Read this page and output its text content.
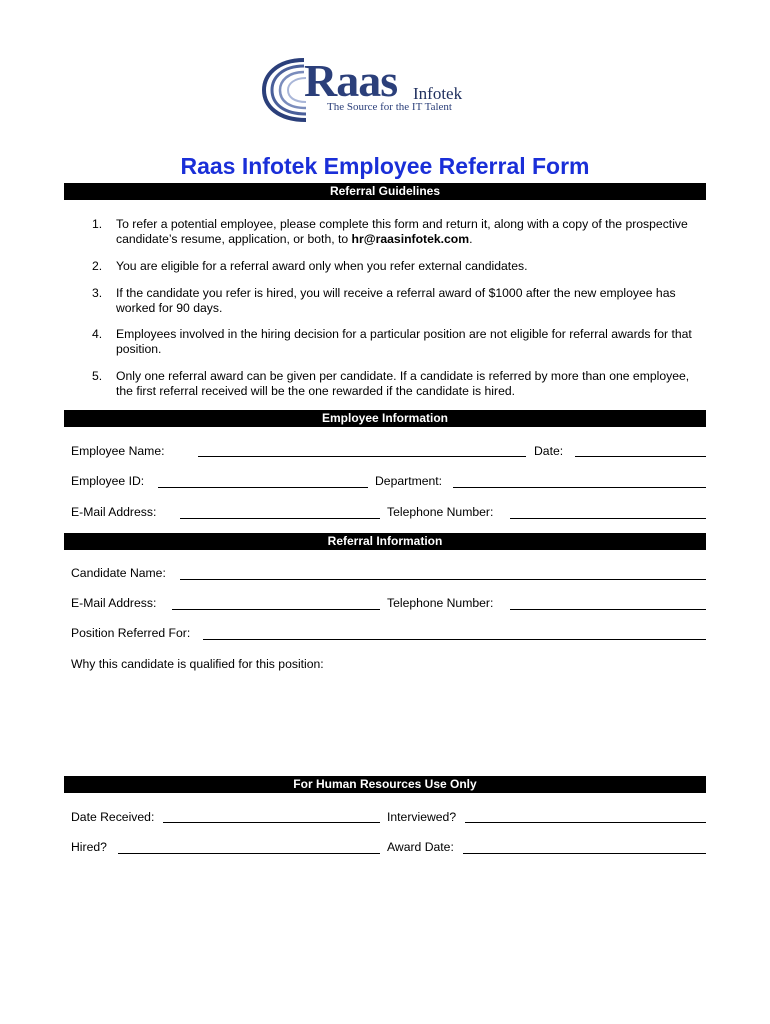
Raas Infotek
The Source for the IT Talent
Raas Infotek Employee Referral Form
Referral Guidelines
1. To refer a potential employee, please complete this form and return it, along with a copy of the prospective candidate’s resume, application, or both, to hr@raasinfotek.com.
2. You are eligible for a referral award only when you refer external candidates.
3. If the candidate you refer is hired, you will receive a referral award of $1000 after the new employee has worked for 90 days.
4. Employees involved in the hiring decision for a particular position are not eligible for referral awards for that position.
5. Only one referral award can be given per candidate. If a candidate is referred by more than one employee, the first referral received will be the one rewarded if the candidate is hired.
Employee Information
Employee Name:	Date:
Employee ID:	Department:
E-Mail Address:	Telephone Number:
Referral Information
Candidate Name:
E-Mail Address:	Telephone Number:
Position Referred For:
Why this candidate is qualified for this position:
For Human Resources Use Only
Date Received:	Interviewed?
Hired?	Award Date:
